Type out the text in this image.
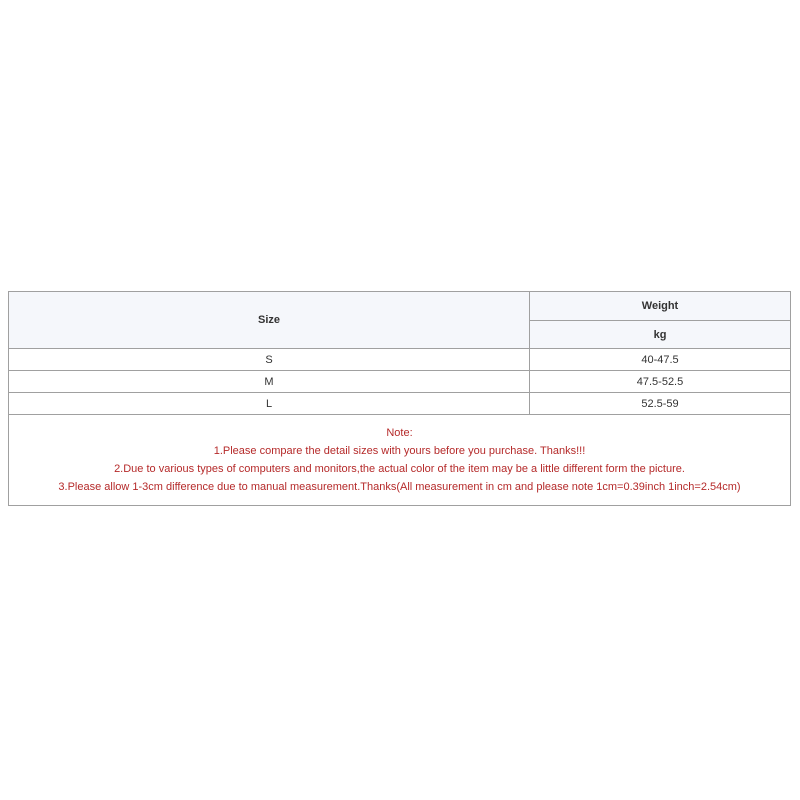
Size	Weight
	kg
S	40-47.5
M	47.5-52.5
L	52.5-59

Note:
1.Please compare the detail sizes with yours before you purchase. Thanks!!!
2.Due to various types of computers and monitors,the actual color of the item may be a little different form the picture.
3.Please allow 1-3cm difference due to manual measurement.Thanks(All measurement in cm and please note 1cm=0.39inch 1inch=2.54cm)	
